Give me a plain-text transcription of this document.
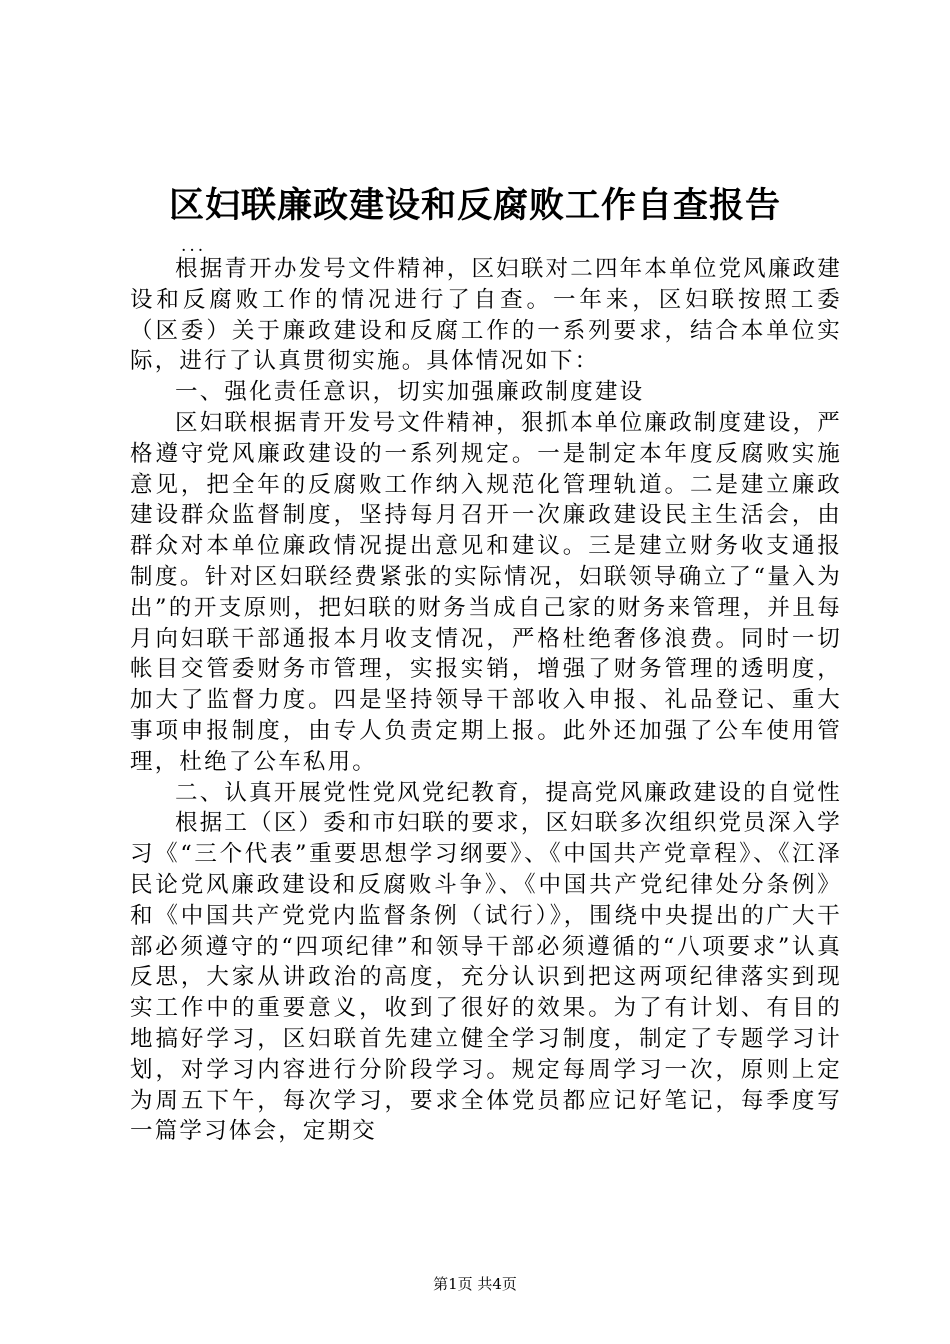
区妇联廉政建设和反腐败工作自查报告
...

根据青开办发号文件精神，区妇联对二四年本单位党风廉政建设和反腐败工作的情况进行了自查。一年来，区妇联按照工委（区委）关于廉政建设和反腐工作的一系列要求，结合本单位实际，进行了认真贯彻实施。具体情况如下：

一、强化责任意识，切实加强廉政制度建设

区妇联根据青开发号文件精神，狠抓本单位廉政制度建设，严格遵守党风廉政建设的一系列规定。一是制定本年度反腐败实施意见，把全年的反腐败工作纳入规范化管理轨道。二是建立廉政建设群众监督制度，坚持每月召开一次廉政建设民主生活会，由群众对本单位廉政情况提出意见和建议。三是建立财务收支通报制度。针对区妇联经费紧张的实际情况，妇联领导确立了“量入为出”的开支原则，把妇联的财务当成自己家的财务来管理，并且每月向妇联干部通报本月收支情况，严格杜绝奢侈浪费。同时一切帐目交管委财务市管理，实报实销，增强了财务管理的透明度，加大了监督力度。四是坚持领导干部收入申报、礼品登记、重大事项申报制度，由专人负责定期上报。此外还加强了公车使用管理，杜绝了公车私用。

二、认真开展党性党风党纪教育，提高党风廉政建设的自觉性

根据工（区）委和市妇联的要求，区妇联多次组织党员深入学习《“三个代表”重要思想学习纲要》、《中国共产党章程》、《江泽民论党风廉政建设和反腐败斗争》、《中国共产党纪律处分条例》和《中国共产党党内监督条例（试行）》，围绕中央提出的广大干部必须遵守的“四项纪律”和领导干部必须遵循的“八项要求”认真反思，大家从讲政治的高度，充分认识到把这两项纪律落实到现实工作中的重要意义，收到了很好的效果。为了有计划、有目的地搞好学习，区妇联首先建立健全学习制度，制定了专题学习计划，对学习内容进行分阶段学习。规定每周学习一次，原则上定为周五下午，每次学习，要求全体党员都应记好笔记，每季度写一篇学习体会，定期交

第1页 共4页
